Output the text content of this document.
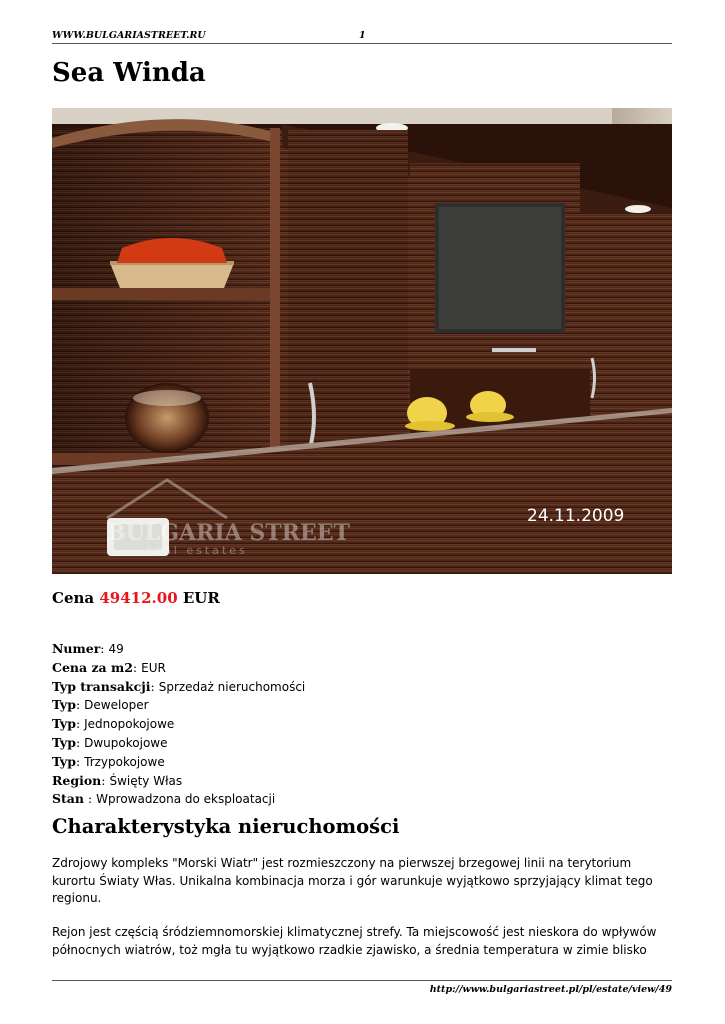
WWW.BULGARIASTREET.RU	1
Sea Winda
BULGARIA STREET
real estates
24.11.2009
Cena 49412.00 EUR
Numer: 49
Cena za m2: EUR
Typ transakcji: Sprzedaż nieruchomości
Typ: Deweloper
Typ: Jednopokojowe
Typ: Dwupokojowe
Typ: Trzypokojowe
Region: Święty Włas
Stan : Wprowadzona do eksploatacji
Charakterystyka nieruchomości

Zdrojowy kompleks "Morski Wiatr" jest rozmieszczony na pierwszej brzegowej linii na terytorium kurortu Światy Włas. Unikalna kombinacja morza i gór warunkuje wyjątkowo sprzyjający klimat tego regionu.

Rejon jest częścią śródziemnomorskiej klimatycznej strefy. Ta miejscowość jest nieskora do wpływów północnych wiatrów, toż mgła tu wyjątkowo rzadkie zjawisko, a średnia temperatura w zimie blisko

http://www.bulgariastreet.pl/pl/estate/view/49
